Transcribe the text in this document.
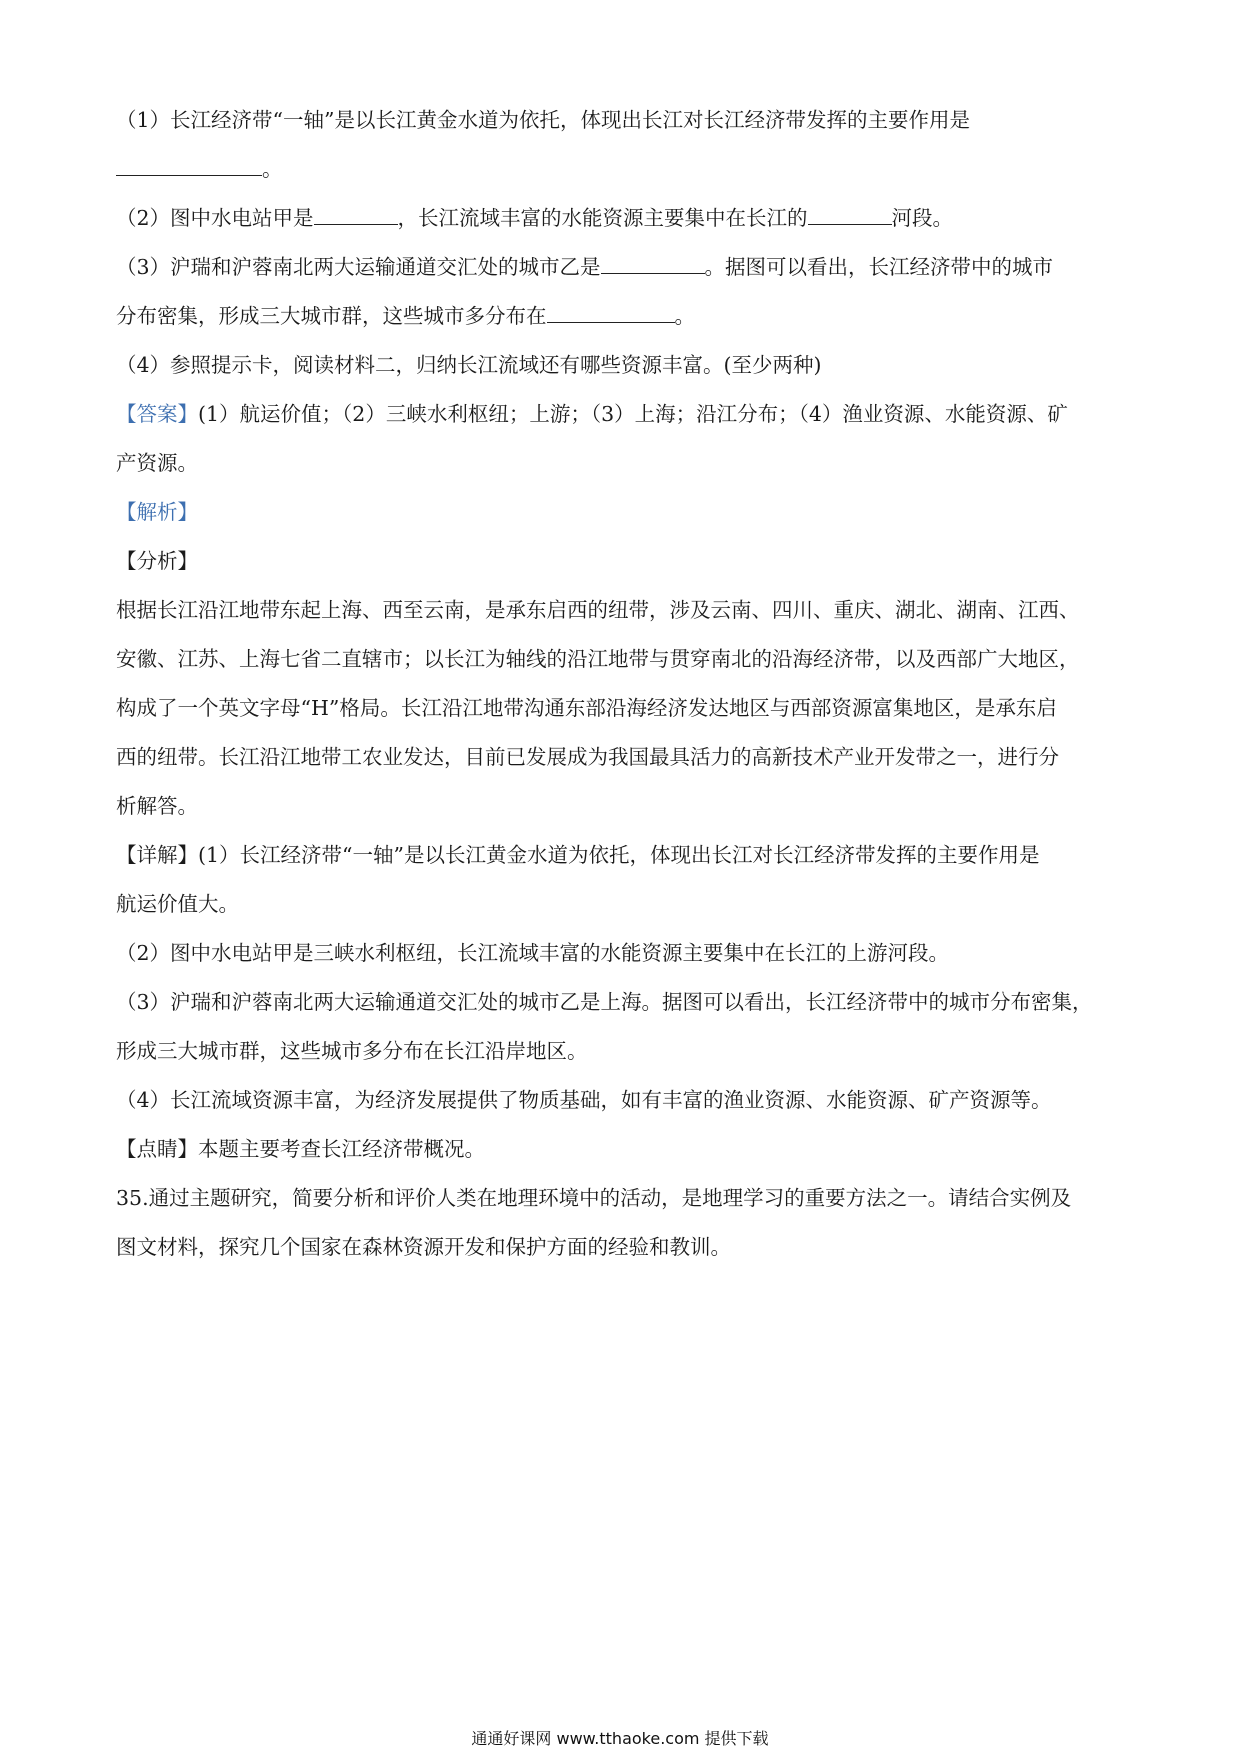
（1）长江经济带“一轴”是以长江黄金水道为依托，体现出长江对长江经济带发挥的主要作用是
。
（2）图中水电站甲是	，长江流域丰富的水能资源主要集中在长江的	河段。
（3）沪瑞和沪蓉南北两大运输通道交汇处的城市乙是	。据图可以看出，长江经济带中的城市
分布密集，形成三大城市群，这些城市多分布在	。
（4）参照提示卡，阅读材料二，归纳长江流域还有哪些资源丰富。(至少两种)
【答案】(1）航运价值；（2）三峡水利枢纽；上游；（3）上海；沿江分布；（4）渔业资源、水能资源、矿
产资源。
【解析】
【分析】
根据长江沿江地带东起上海、西至云南，是承东启西的纽带，涉及云南、四川、重庆、湖北、湖南、江西、
安徽、江苏、上海七省二直辖市；以长江为轴线的沿江地带与贯穿南北的沿海经济带，以及西部广大地区，
构成了一个英文字母“H”格局。长江沿江地带沟通东部沿海经济发达地区与西部资源富集地区，是承东启
西的纽带。长江沿江地带工农业发达，目前已发展成为我国最具活力的高新技术产业开发带之一，进行分
析解答。
【详解】(1）长江经济带“一轴”是以长江黄金水道为依托，体现出长江对长江经济带发挥的主要作用是
航运价值大。
（2）图中水电站甲是三峡水利枢纽，长江流域丰富的水能资源主要集中在长江的上游河段。
（3）沪瑞和沪蓉南北两大运输通道交汇处的城市乙是上海。据图可以看出，长江经济带中的城市分布密集，
形成三大城市群，这些城市多分布在长江沿岸地区。
（4）长江流域资源丰富，为经济发展提供了物质基础，如有丰富的渔业资源、水能资源、矿产资源等。
【点睛】本题主要考查长江经济带概况。
35.通过主题研究，简要分析和评价人类在地理环境中的活动，是地理学习的重要方法之一。请结合实例及
图文材料，探究几个国家在森林资源开发和保护方面的经验和教训。
通通好课网 www.tthaoke.com 提供下载
